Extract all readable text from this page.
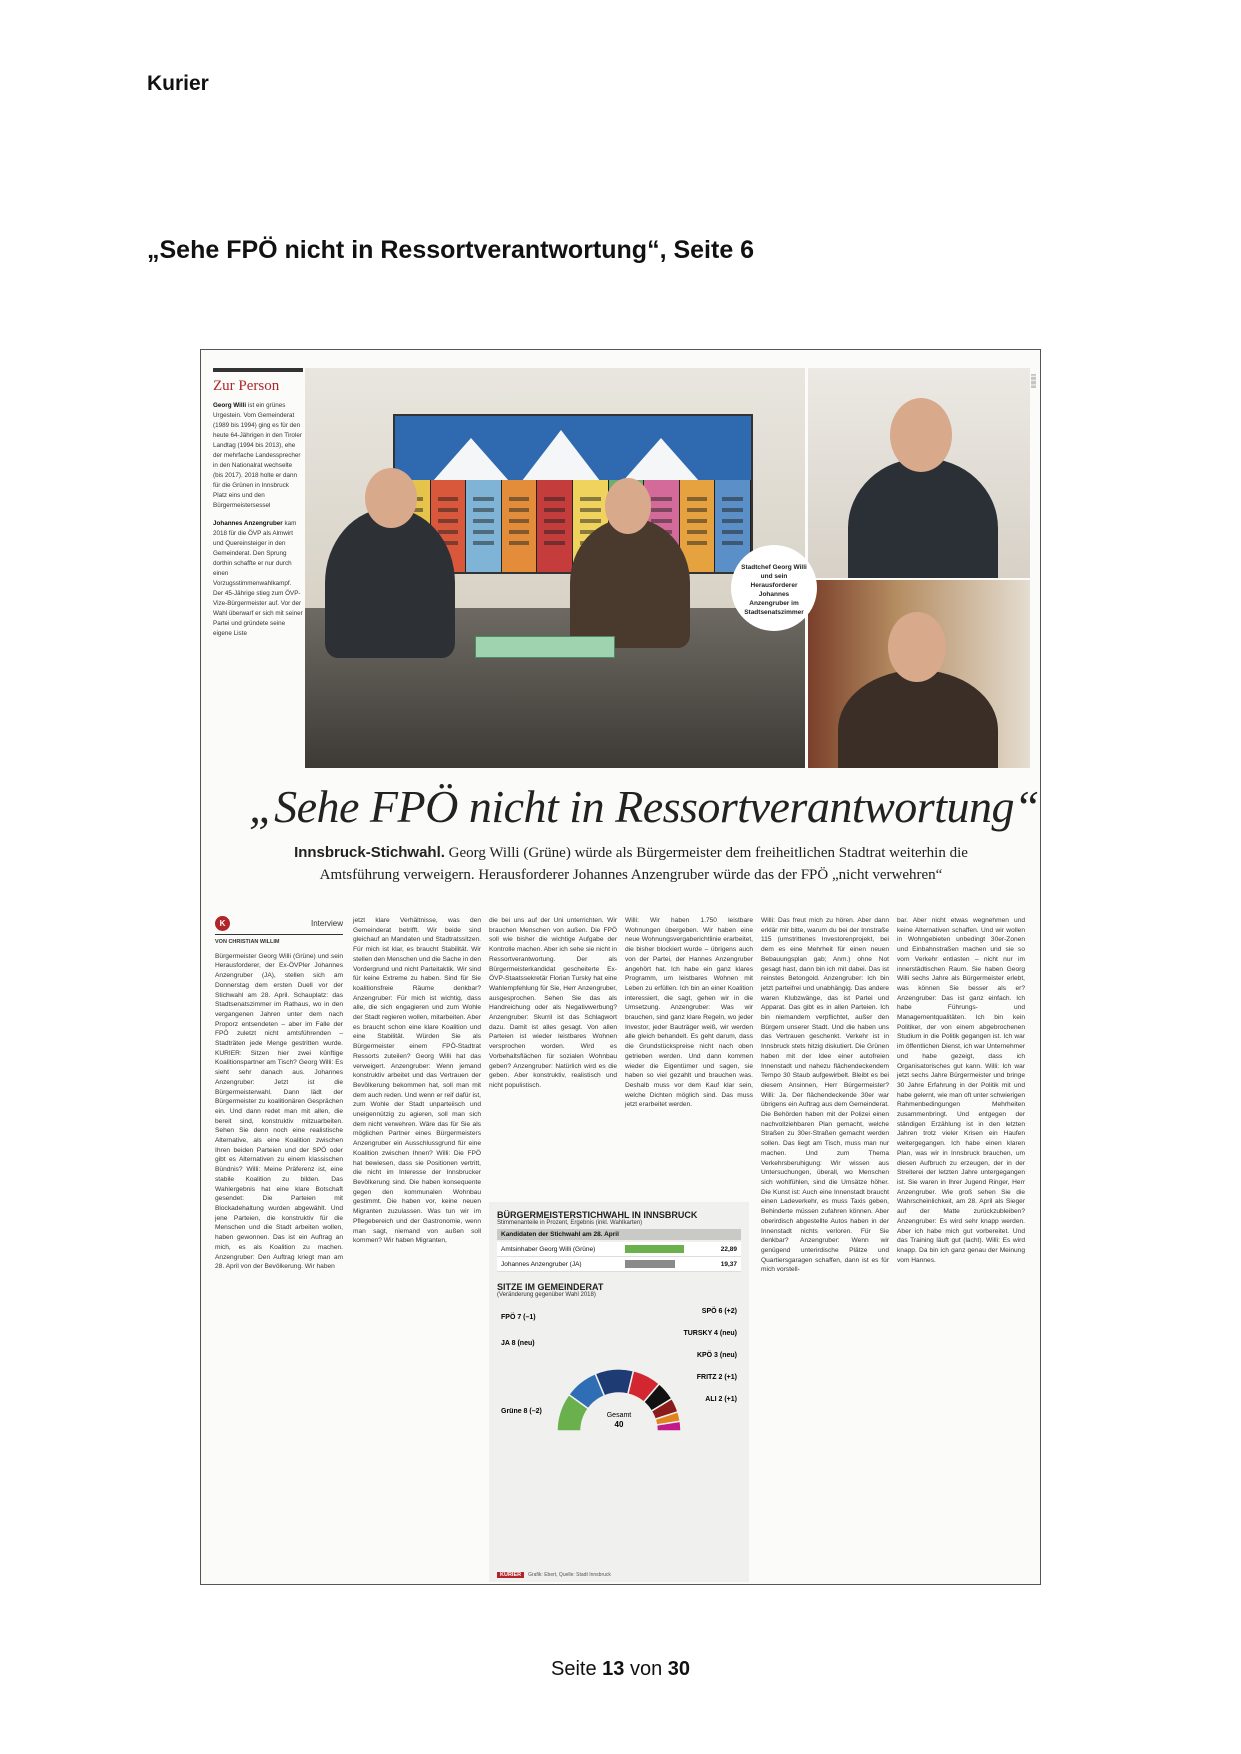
Kurier
„Sehe FPÖ nicht in Ressortverantwortung“, Seite 6
Zur Person
Georg Willi ist ein grünes Urgestein. Vom Gemeinderat (1989 bis 1994) ging es für den heute 64-Jährigen in den Tiroler Landtag (1994 bis 2013), ehe der mehrfache Landessprecher in den Nationalrat wechselte (bis 2017). 2018 holte er dann für die Grünen in Innsbruck Platz eins und den Bürgermeistersessel
Johannes Anzengruber kam 2018 für die ÖVP als Almwirt und Quereinsteiger in den Gemeinderat. Den Sprung dorthin schaffte er nur durch einen Vorzugsstimmenwahlkampf. Der 45-Jährige stieg zum ÖVP-Vize-Bürgermeister auf. Vor der Wahl überwarf er sich mit seiner Partei und gründete seine eigene Liste
Stadtchef Georg Willi und sein Herausforderer Johannes Anzengruber im Stadtsenatszimmer
„Sehe FPÖ nicht in Ressortverantwortung“
Innsbruck-Stichwahl. Georg Willi (Grüne) würde als Bürgermeister dem freiheitlichen Stadtrat weiterhin die Amtsführung verweigern. Herausforderer Johannes Anzengruber würde das der FPÖ „nicht verwehren“
K	Interview
VON CHRISTIAN WILLIM
Bürgermeister Georg Willi (Grüne) und sein Herausforderer, der Ex-ÖVPler Johannes Anzengruber (JA), stellen sich am Donnerstag dem ersten Duell vor der Stichwahl am 28. April. Schauplatz: das Stadtsenatszimmer im Rathaus, wo in den vergangenen Jahren unter dem nach Proporz entsendeten – aber im Falle der FPÖ zuletzt nicht amtsführenden – Stadträten jede Menge gestritten wurde. KURIER: Sitzen hier zwei künftige Koalitionspartner am Tisch? Georg Willi: Es sieht sehr danach aus. Johannes Anzengruber: Jetzt ist die Bürgermeisterwahl. Dann lädt der Bürgermeister zu koalitionären Gesprächen ein. Und dann redet man mit allen, die bereit sind, konstruktiv mitzuarbeiten. Sehen Sie denn noch eine realistische Alternative, als eine Koalition zwischen Ihren beiden Parteien und der SPÖ oder gibt es Alternativen zu einem klassischen Bündnis? Willi: Meine Präferenz ist, eine stabile Koalition zu bilden. Das Wahlergebnis hat eine klare Botschaft gesendet: Die Parteien mit Blockadehaltung wurden abgewählt. Und jene Parteien, die konstruktiv für die Menschen und die Stadt arbeiten wollen, haben gewonnen. Das ist ein Auftrag an mich, es als Koalition zu machen. Anzengruber: Den Auftrag kriegt man am 28. April von der Bevölkerung. Wir haben
jetzt klare Verhältnisse, was den Gemeinderat betrifft. Wir beide sind gleichauf an Mandaten und Stadtratssitzen. Für mich ist klar, es braucht Stabilität. Wir stellen den Menschen und die Sache in den Vordergrund und nicht Parteitaktik. Wir sind für keine Extreme zu haben. Sind für Sie koalitionsfreie Räume denkbar? Anzengruber: Für mich ist wichtig, dass alle, die sich engagieren und zum Wohle der Stadt regieren wollen, mitarbeiten. Aber es braucht schon eine klare Koalition und eine Stabilität. Würden Sie als Bürgermeister einem FPÖ-Stadtrat Ressorts zuteilen? Georg Willi hat das verweigert. Anzengruber: Wenn jemand konstruktiv arbeitet und das Vertrauen der Bevölkerung bekommen hat, soll man mit dem auch reden. Und wenn er reif dafür ist, zum Wohle der Stadt unparteiisch und uneigennützig zu agieren, soll man sich dem nicht verwehren. Wäre das für Sie als möglichen Partner eines Bürgermeisters Anzengruber ein Ausschlussgrund für eine Koalition zwischen Ihnen? Willi: Die FPÖ hat bewiesen, dass sie Positionen vertritt, die nicht im Interesse der Innsbrucker Bevölkerung sind. Die haben konsequente gegen den kommunalen Wohnbau gestimmt. Die haben vor, keine neuen Migranten zuzulassen. Was tun wir im Pflegebereich und der Gastronomie, wenn man sagt, niemand von außen soll kommen? Wir haben Migranten,
die bei uns auf der Uni unterrichten. Wir brauchen Menschen von außen. Die FPÖ soll wie bisher die wichtige Aufgabe der Kontrolle machen. Aber ich sehe sie nicht in Ressortverantwortung. Der als Bürgermeisterkandidat gescheiterte Ex-ÖVP-Staatssekretär Florian Tursky hat eine Wahlempfehlung für Sie, Herr Anzengruber, ausgesprochen. Sehen Sie das als Handreichung oder als Negativwerbung? Anzengruber: Skurril ist das Schlagwort dazu. Damit ist alles gesagt. Von allen Parteien ist wieder leistbares Wohnen versprochen worden. Wird es Vorbehaltsflächen für sozialen Wohnbau geben? Anzengruber: Natürlich wird es die geben. Aber konstruktiv, realistisch und nicht populistisch.
Willi: Wir haben 1.750 leistbare Wohnungen übergeben. Wir haben eine neue Wohnungsvergaberichtlinie erarbeitet, die bisher blockiert wurde – übrigens auch von der Partei, der Hannes Anzengruber angehört hat. Ich habe ein ganz klares Programm, um leistbares Wohnen mit Leben zu erfüllen. Ich bin an einer Koalition interessiert, die sagt, gehen wir in die Umsetzung. Anzengruber: Was wir brauchen, sind ganz klare Regeln, wo jeder Investor, jeder Bauträger weiß, wir werden alle gleich behandelt. Es geht darum, dass die Grundstückspreise nicht nach oben getrieben werden. Und dann kommen wieder die Eigentümer und sagen, sie haben so viel gezahlt und brauchen was. Deshalb muss vor dem Kauf klar sein, welche Dichten möglich sind. Das muss jetzt erarbeitet werden.
Willi: Das freut mich zu hören. Aber dann erklär mir bitte, warum du bei der Innstraße 115 (umstrittenes Investorenprojekt, bei dem es eine Mehrheit für einen neuen Bebauungsplan gab; Anm.) ohne Not gesagt hast, dann bin ich mit dabei. Das ist reinstes Betongold. Anzengruber: Ich bin jetzt parteifrei und unabhängig. Das andere waren Klubzwänge, das ist Partei und Apparat. Das gibt es in allen Parteien. Ich bin niemandem verpflichtet, außer den Bürgern unserer Stadt. Und die haben uns das Vertrauen geschenkt. Verkehr ist in Innsbruck stets hitzig diskutiert. Die Grünen haben mit der Idee einer autofreien Innenstadt und nahezu flächendeckendem Tempo 30 Staub aufgewirbelt. Bleibt es bei diesem Ansinnen, Herr Bürgermeister? Willi: Ja. Der flächendeckende 30er war übrigens ein Auftrag aus dem Gemeinderat. Die Behörden haben mit der Polizei einen nachvollziehbaren Plan gemacht, welche Straßen zu 30er-Straßen gemacht werden sollen. Das liegt am Tisch, muss man nur machen. Und zum Thema Verkehrsberuhigung: Wir wissen aus Untersuchungen, überall, wo Menschen sich wohlfühlen, sind die Umsätze höher. Die Kunst ist: Auch eine Innenstadt braucht einen Ladeverkehr, es muss Taxis geben, Behinderte müssen zufahren können. Aber oberirdisch abgestellte Autos haben in der Innenstadt nichts verloren. Für Sie denkbar? Anzengruber: Wenn wir genügend unterirdische Plätze und Quartiersgaragen schaffen, dann ist es für mich vorstell-
bar. Aber nicht etwas wegnehmen und keine Alternativen schaffen. Und wir wollen in Wohngebieten unbedingt 30er-Zonen und Einbahnstraßen machen und sie so vom Verkehr entlasten – nicht nur im innerstädtischen Raum. Sie haben Georg Willi sechs Jahre als Bürgermeister erlebt, was können Sie besser als er? Anzengruber: Das ist ganz einfach. Ich habe Führungs- und Managementqualitäten. Ich bin kein Politiker, der von einem abgebrochenen Studium in die Politik gegangen ist. Ich war im öffentlichen Dienst, ich war Unternehmer und habe gezeigt, dass ich Organisatorisches gut kann. Willi: Ich war jetzt sechs Jahre Bürgermeister und bringe 30 Jahre Erfahrung in der Politik mit und habe gelernt, wie man oft unter schwierigen Rahmenbedingungen Mehrheiten zusammenbringt. Und entgegen der ständigen Erzählung ist in den letzten Jahren trotz vieler Krisen ein Haufen weitergegangen. Ich habe einen klaren Plan, was wir in Innsbruck brauchen, um diesen Aufbruch zu erzeugen, der in der Streiterei der letzten Jahre untergegangen ist. Sie waren in Ihrer Jugend Ringer, Herr Anzengruber. Wie groß sehen Sie die Wahrscheinlichkeit, am 28. April als Sieger auf der Matte zurückzubleiben? Anzengruber: Es wird sehr knapp werden. Aber ich habe mich gut vorbereitet. Und das Training läuft gut (lacht). Willi: Es wird knapp. Da bin ich ganz genau der Meinung vom Hannes.
BÜRGERMEISTERSTICHWAHL IN INNSBRUCK
Stimmenanteile in Prozent, Ergebnis (inkl. Wahlkarten)
Kandidaten der Stichwahl am 28. April
Amtsinhaber Georg Willi (Grüne)	22,89
Johannes Anzengruber (JA)	19,37
SITZE IM GEMEINDERAT
(Veränderung gegenüber Wahl 2018)
FPÖ 7 (–1)
JA 8 (neu)
Grüne 8 (–2)
SPÖ 6 (+2)
TURSKY 4 (neu)
KPÖ 3 (neu)
FRITZ 2 (+1)
ALI 2 (+1)
Gesamt
40
KURIER	Grafik: Ebert, Quelle: Stadt Innsbruck
|||||||||||
Seite 13 von 30
